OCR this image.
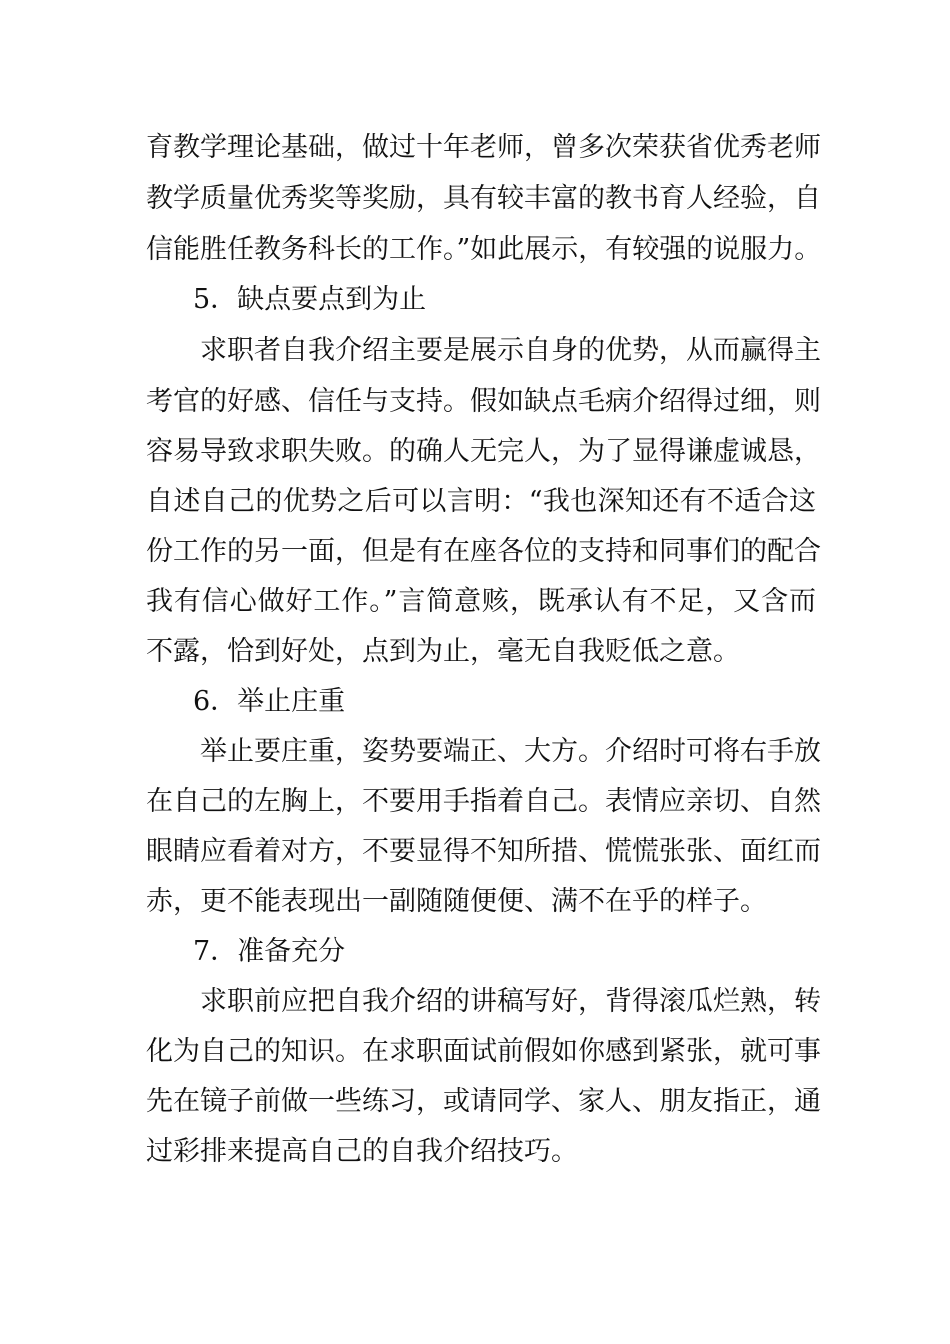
育教学理论基础，做过十年老师，曾多次荣获省优秀老师
教学质量优秀奖等奖励，具有较丰富的教书育人经验，自
信能胜任教务科长的工作。”如此展示，有较强的说服力。
5．缺点要点到为止
求职者自我介绍主要是展示自身的优势，从而赢得主
考官的好感、信任与支持。假如缺点毛病介绍得过细，则
容易导致求职失败。的确人无完人，为了显得谦虚诚恳，
自述自己的优势之后可以言明：“我也深知还有不适合这
份工作的另一面，但是有在座各位的支持和同事们的配合
我有信心做好工作。”言简意赅，既承认有不足，又含而
不露，恰到好处，点到为止，毫无自我贬低之意。
6．举止庄重
举止要庄重，姿势要端正、大方。介绍时可将右手放
在自己的左胸上，不要用手指着自己。表情应亲切、自然
眼睛应看着对方，不要显得不知所措、慌慌张张、面红而
赤，更不能表现出一副随随便便、满不在乎的样子。
7．准备充分
求职前应把自我介绍的讲稿写好，背得滚瓜烂熟，转
化为自己的知识。在求职面试前假如你感到紧张，就可事
先在镜子前做一些练习，或请同学、家人、朋友指正，通
过彩排来提高自己的自我介绍技巧。
